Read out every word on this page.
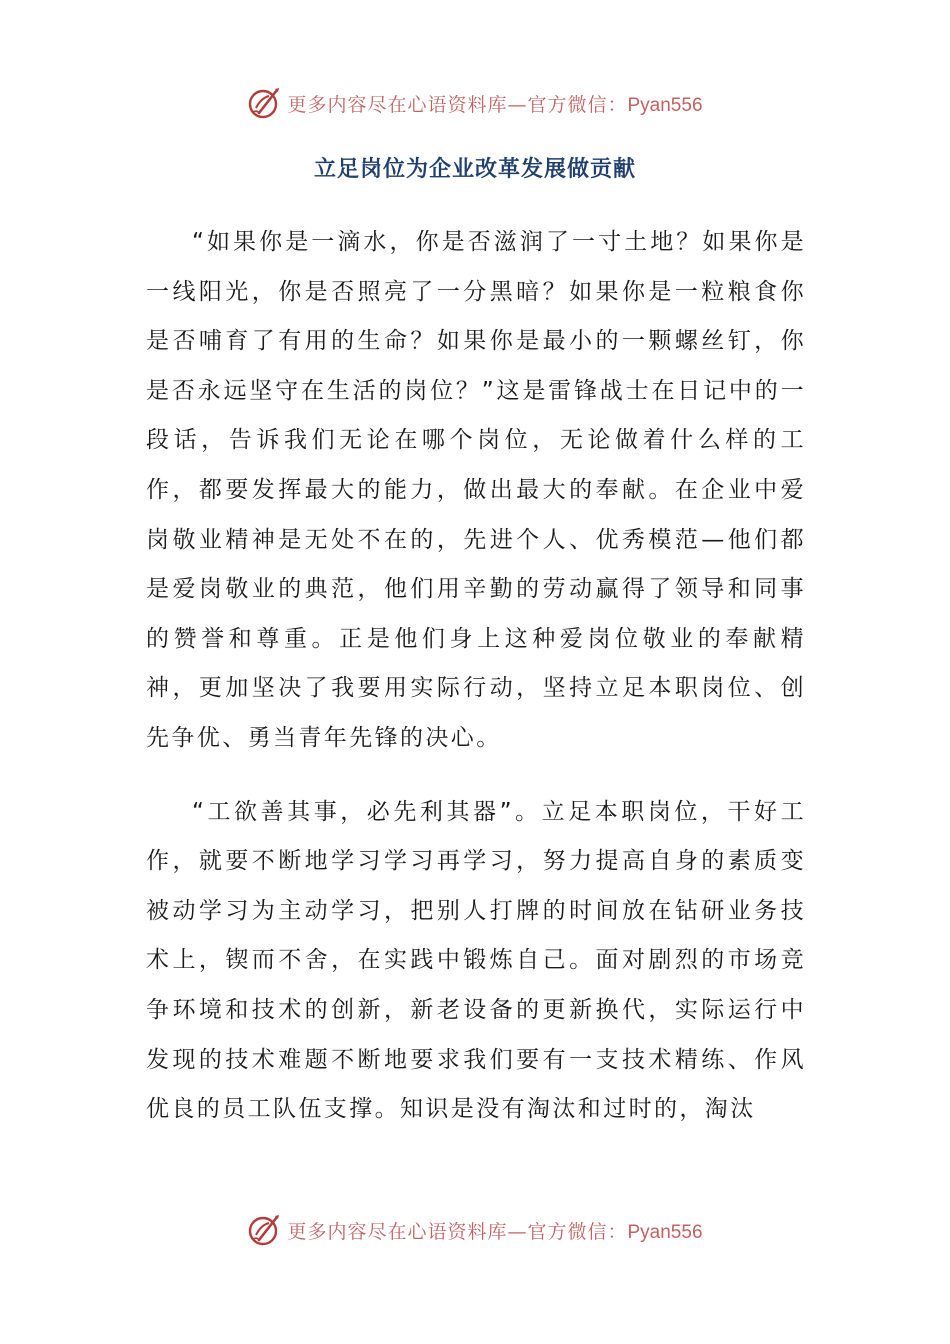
更多内容尽在心语资料库—官方微信：Pyan556
立足岗位为企业改革发展做贡献

“如果你是一滴水，你是否滋润了一寸土地？如果你是一线阳光，你是否照亮了一分黑暗？如果你是一粒粮食你是否哺育了有用的生命？如果你是最小的一颗螺丝钉，你是否永远坚守在生活的岗位？”这是雷锋战士在日记中的一段话，告诉我们无论在哪个岗位，无论做着什么样的工作，都要发挥最大的能力，做出最大的奉献。在企业中爱岗敬业精神是无处不在的，先进个人、优秀模范—他们都是爱岗敬业的典范，他们用辛勤的劳动赢得了领导和同事的赞誉和尊重。正是他们身上这种爱岗位敬业的奉献精神，更加坚决了我要用实际行动，坚持立足本职岗位、创先争优、勇当青年先锋的决心。

“工欲善其事，必先利其器”。立足本职岗位，干好工作，就要不断地学习学习再学习，努力提高自身的素质变被动学习为主动学习，把别人打牌的时间放在钻研业务技术上，锲而不舍，在实践中锻炼自己。面对剧烈的市场竞争环境和技术的创新，新老设备的更新换代，实际运行中发现的技术难题不断地要求我们要有一支技术精练、作风优良的员工队伍支撑。知识是没有淘汰和过时的，淘汰

更多内容尽在心语资料库—官方微信：Pyan556
